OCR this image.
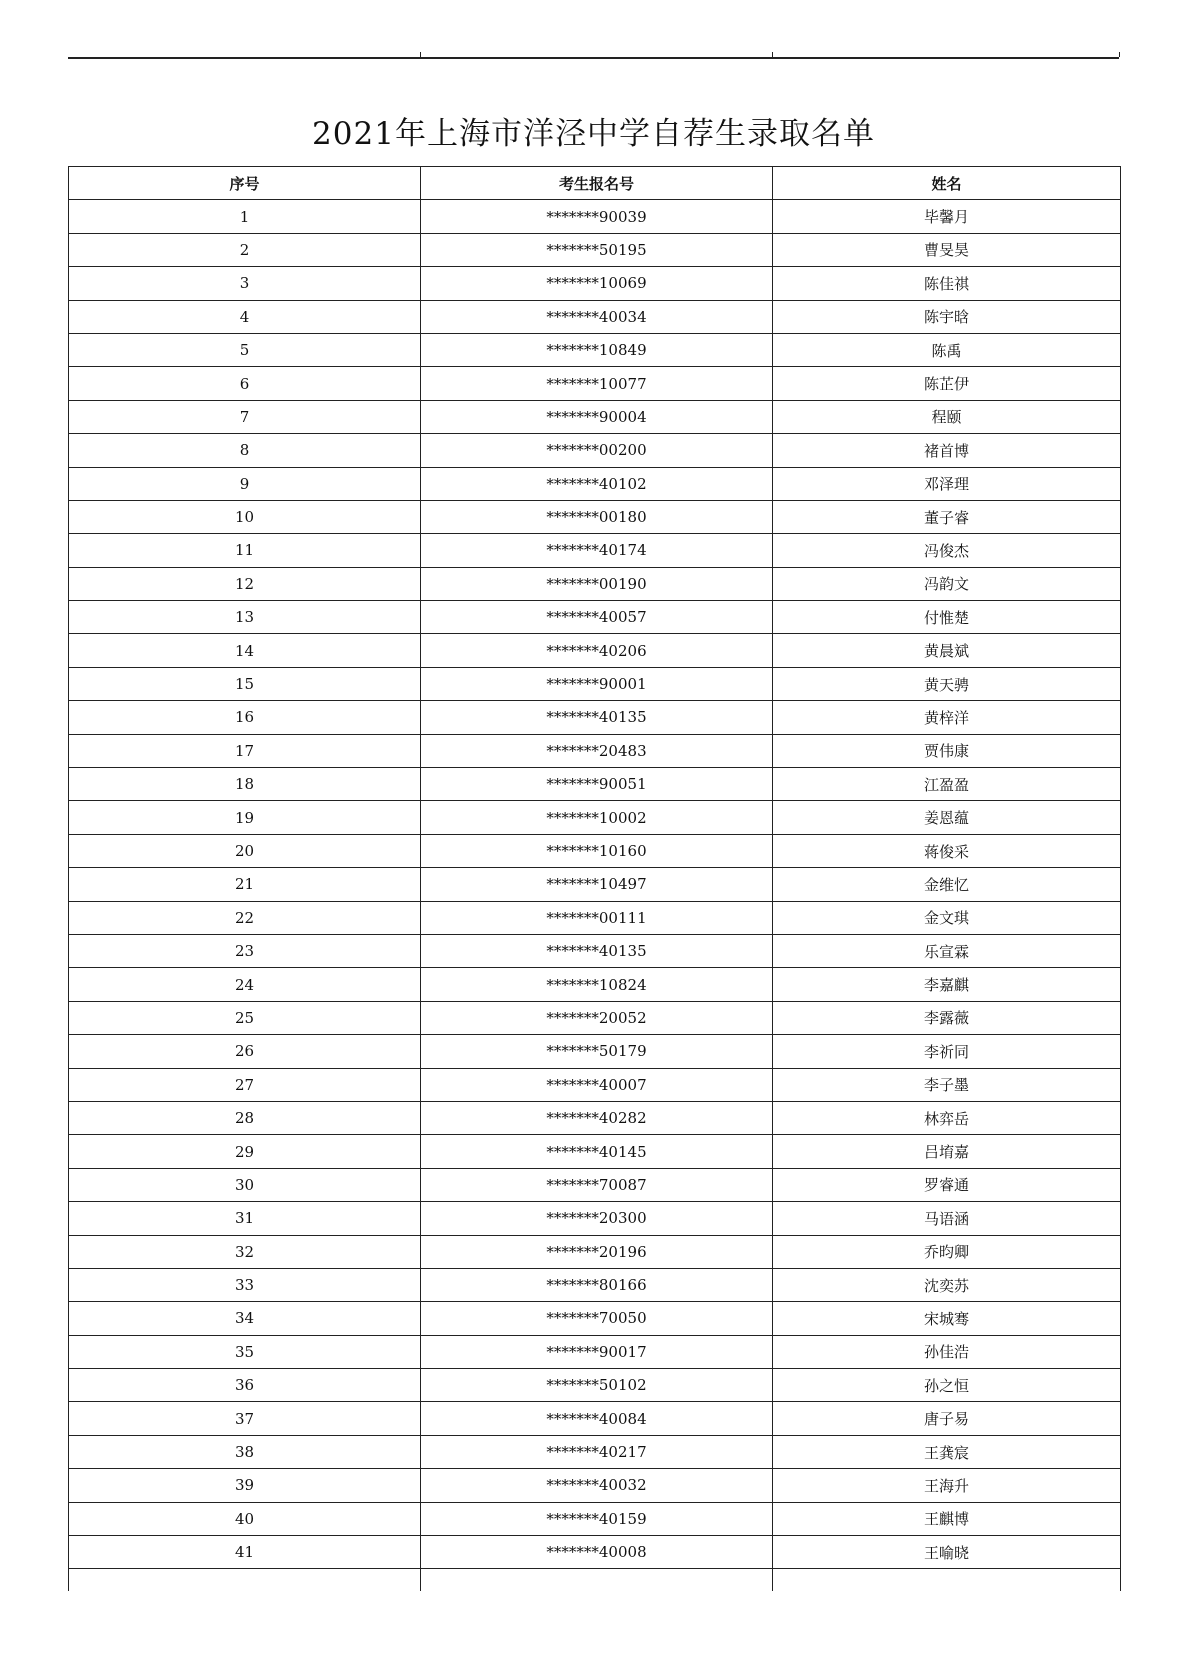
2021年上海市洋泾中学自荐生录取名单
序号	考生报名号	姓名
1	*******90039	毕馨月
2	*******50195	曹旻昊
3	*******10069	陈佳祺
4	*******40034	陈宇晗
5	*******10849	陈禹
6	*******10077	陈芷伊
7	*******90004	程颐
8	*******00200	褚首博
9	*******40102	邓泽理
10	*******00180	董子睿
11	*******40174	冯俊杰
12	*******00190	冯韵文
13	*******40057	付惟楚
14	*******40206	黄晨斌
15	*******90001	黄天骋
16	*******40135	黄梓洋
17	*******20483	贾伟康
18	*******90051	江盈盈
19	*******10002	姜恩蕴
20	*******10160	蒋俊采
21	*******10497	金维忆
22	*******00111	金文琪
23	*******40135	乐宣霖
24	*******10824	李嘉麒
25	*******20052	李露薇
26	*******50179	李祈同
27	*******40007	李子墨
28	*******40282	林弈岳
29	*******40145	吕堉嘉
30	*******70087	罗睿通
31	*******20300	马语涵
32	*******20196	乔昀卿
33	*******80166	沈奕苏
34	*******70050	宋城骞
35	*******90017	孙佳浩
36	*******50102	孙之恒
37	*******40084	唐子易
38	*******40217	王龚宸
39	*******40032	王海升
40	*******40159	王麒博
41	*******40008	王喻晓
